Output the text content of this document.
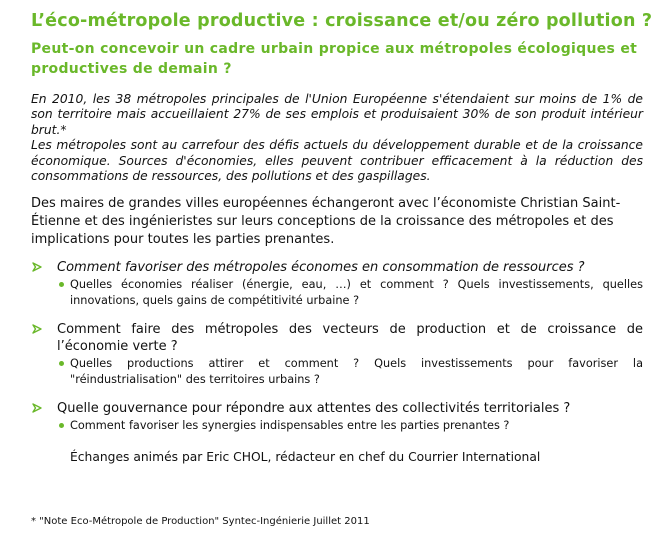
L’éco-métropole productive : croissance et/ou zéro pollution ?
Peut-on concevoir un cadre urbain propice aux métropoles écologiques et productives de demain ?

En 2010, les 38 métropoles principales de l'Union Européenne s'étendaient sur moins de 1% de son territoire mais accueillaient 27% de ses emplois et produisaient 30% de son produit intérieur brut.*

Les métropoles sont au carrefour des défis actuels du développement durable et de la croissance économique. Sources d'économies, elles peuvent contribuer efficacement à la réduction des consommations de ressources, des pollutions et des gaspillages.

Des maires de grandes villes européennes échangeront avec l’économiste Christian Saint-Étienne et des ingénieristes sur leurs conceptions de la croissance des métropoles et des implications pour toutes les parties prenantes.

Comment favoriser des métropoles économes en consommation de ressources ?
Quelles économies réaliser (énergie, eau, …) et comment ? Quels investissements, quelles innovations, quels gains de compétitivité urbaine ?
Comment faire des métropoles des vecteurs de production et de croissance de l’économie verte ?
Quelles productions attirer et comment ? Quels investissements pour favoriser la "réindustrialisation" des territoires urbains ?
Quelle gouvernance pour répondre aux attentes des collectivités territoriales ?
Comment favoriser les synergies indispensables entre les parties prenantes ?

Échanges animés par Eric CHOL, rédacteur en chef du Courrier International

* "Note Eco-Métropole de Production" Syntec-Ingénierie Juillet 2011
